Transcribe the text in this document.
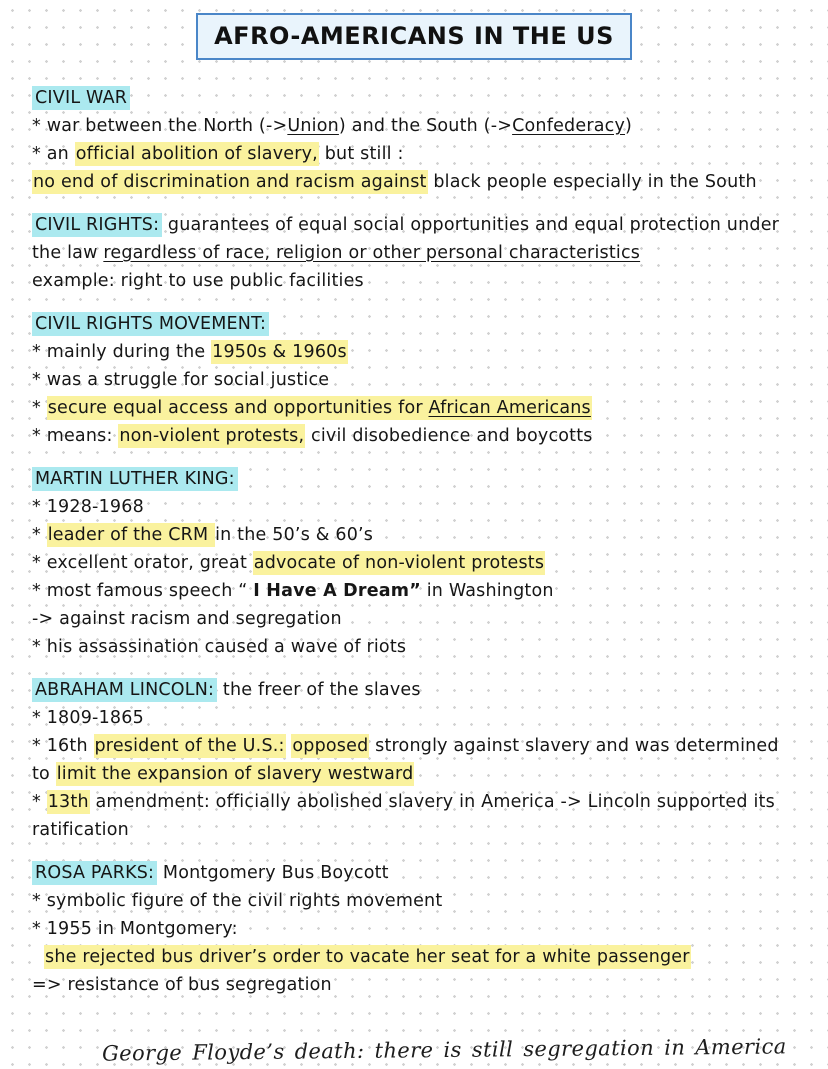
AFRO-AMERICANS IN THE US
CIVIL WAR
* war between the North (->Union) and the South (->Confederacy)
* an official abolition of slavery, but still :
no end of discrimination and racism against black people especially in the South
CIVIL RIGHTS: guarantees of equal social opportunities and equal protection under
the law regardless of race, religion or other personal characteristics
example: right to use public facilities
CIVIL RIGHTS MOVEMENT:
* mainly during the 1950s & 1960s
* was a struggle for social justice
* secure equal access and opportunities for African Americans
* means: non-violent protests, civil disobedience and boycotts
MARTIN LUTHER KING:
* 1928-1968
* leader of the CRM in the 50’s & 60’s
* excellent orator, great advocate of non-violent protests
* most famous speech “ I Have A Dream” in Washington
-> against racism and segregation
* his assassination caused a wave of riots
ABRAHAM LINCOLN: the freer of the slaves
* 1809-1865
* 16th president of the U.S.: opposed strongly against slavery and was determined
to limit the expansion of slavery westward
* 13th amendment: officially abolished slavery in America -> Lincoln supported its
ratification
ROSA PARKS: Montgomery Bus Boycott
* symbolic figure of the civil rights movement
* 1955 in Montgomery:
she rejected bus driver’s order to vacate her seat for a white passenger
=> resistance of bus segregation
George Floyde’s death: there is still segregation in America
